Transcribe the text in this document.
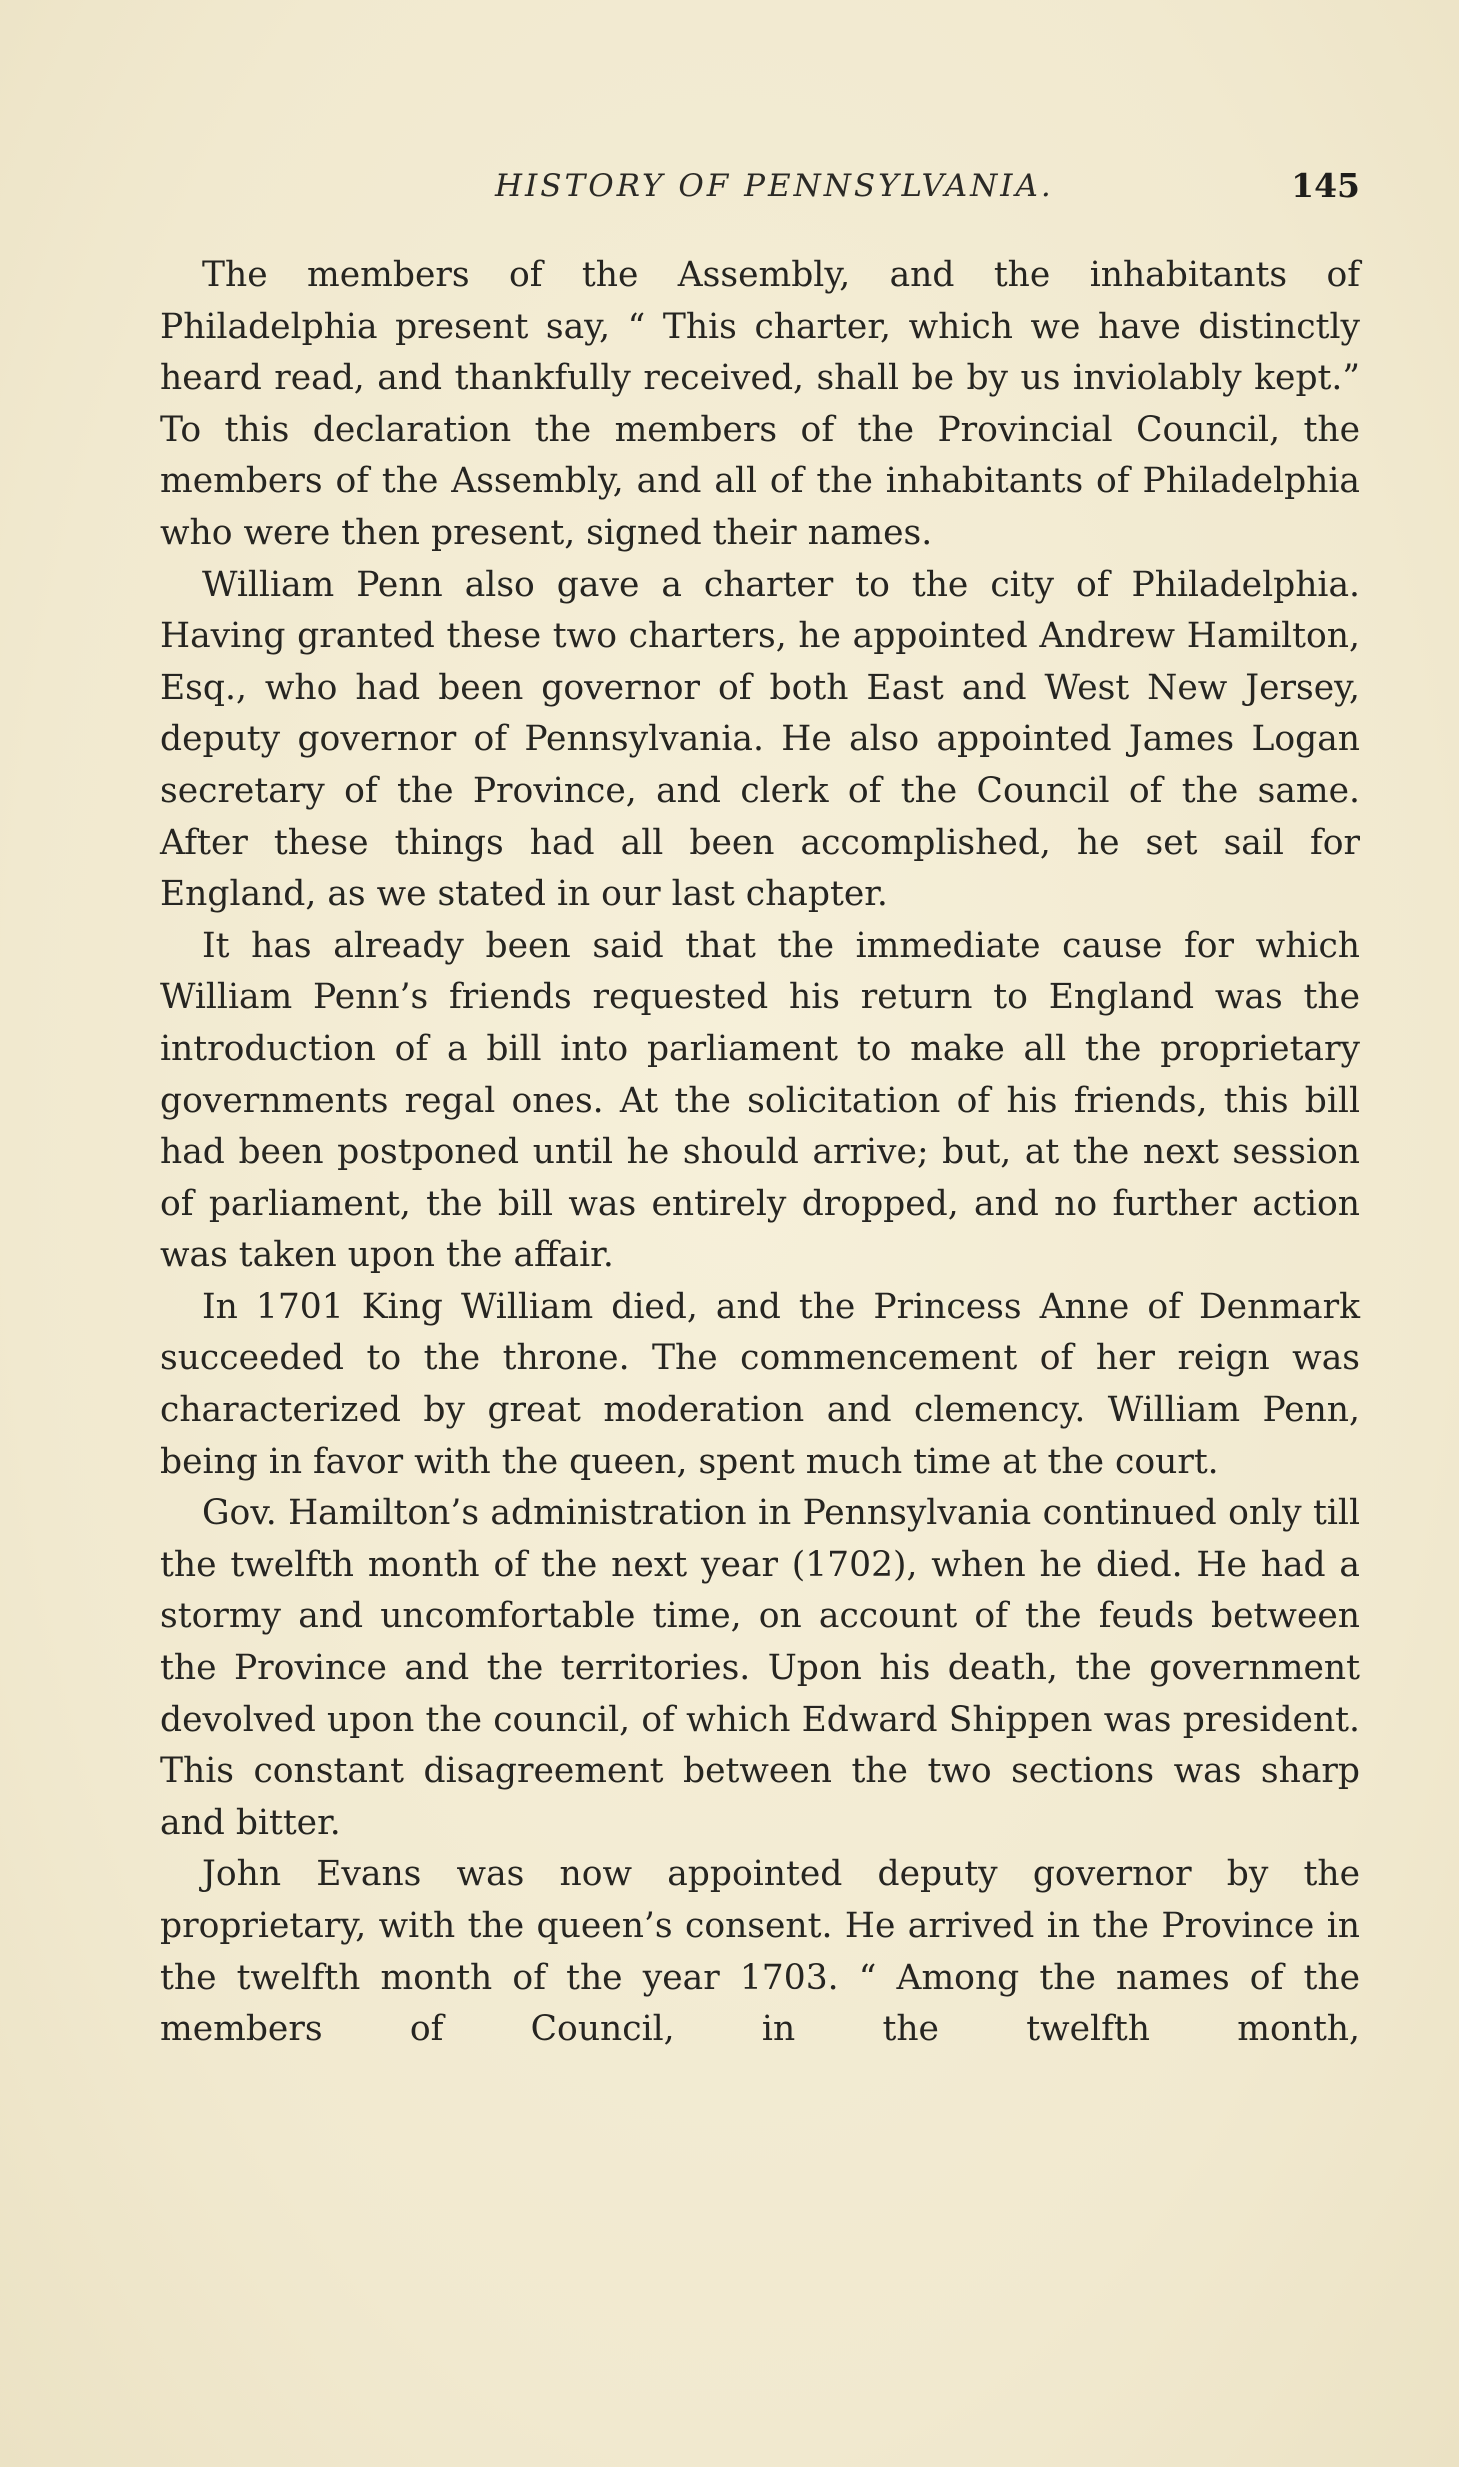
HISTORY OF PENNSYLVANIA.	145

The members of the Assembly, and the inhabitants of Philadelphia present say, “ This charter, which we have distinctly heard read, and thankfully received, shall be by us inviolably kept.” To this declaration the members of the Provincial Council, the members of the Assembly, and all of the inhabitants of Philadelphia who were then present, signed their names.

William Penn also gave a charter to the city of Philadelphia. Having granted these two charters, he appointed Andrew Hamilton, Esq., who had been governor of both East and West New Jersey, deputy governor of Pennsylvania. He also appointed James Logan secretary of the Province, and clerk of the Council of the same. After these things had all been accomplished, he set sail for England, as we stated in our last chapter.

It has already been said that the immediate cause for which William Penn’s friends requested his return to England was the introduction of a bill into parliament to make all the proprietary governments regal ones. At the solicitation of his friends, this bill had been postponed until he should arrive; but, at the next session of parliament, the bill was entirely dropped, and no further action was taken upon the affair.

In 1701 King William died, and the Princess Anne of Denmark succeeded to the throne. The commencement of her reign was characterized by great moderation and clemency. William Penn, being in favor with the queen, spent much time at the court.

Gov. Hamilton’s administration in Pennsylvania continued only till the twelfth month of the next year (1702), when he died. He had a stormy and uncomfortable time, on account of the feuds between the Province and the territories. Upon his death, the government devolved upon the council, of which Edward Shippen was president. This constant disagreement between the two sections was sharp and bitter.

John Evans was now appointed deputy governor by the proprietary, with the queen’s consent. He arrived in the Province in the twelfth month of the year 1703. “ Among the names of the members of Council, in the twelfth month,
